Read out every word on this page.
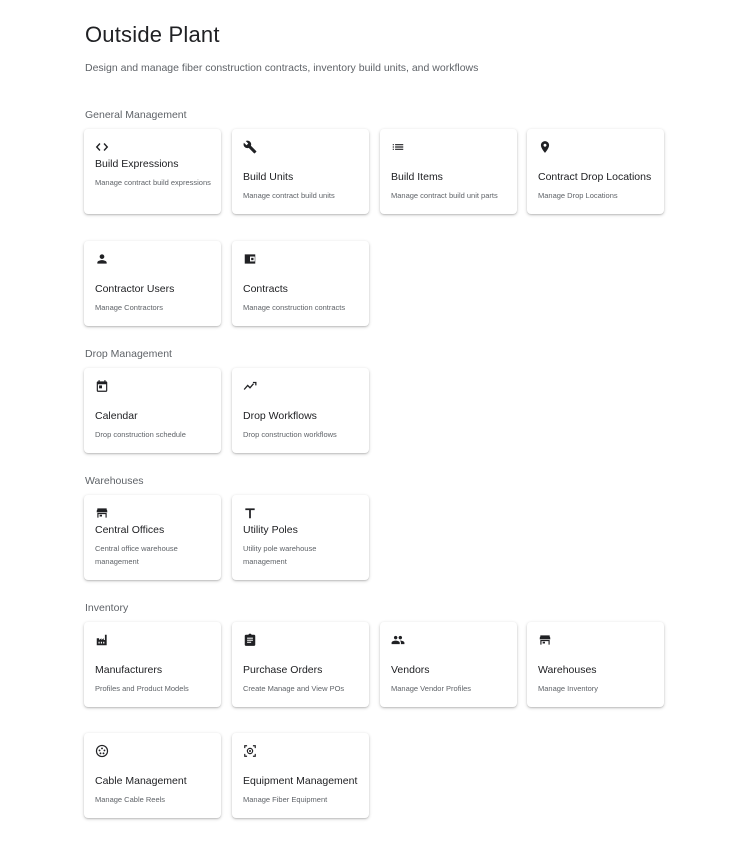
Outside Plant

Design and manage fiber construction contracts, inventory build units, and workflows

General Management
Build Expressions
Manage contract build expressions	Build Units
Manage contract build units
Build Items
Manage contract build unit parts
Contract Drop Locations
Manage Drop Locations
Contractor Users
Manage Contractors
Contracts
Manage construction contracts
Drop Management
Calendar
Drop construction schedule
Drop Workflows
Drop construction workflows
Warehouses
Central Offices
Central office warehouse management
Utility Poles
Utility pole warehouse management
Inventory
Manufacturers
Profiles and Product Models
Purchase Orders
Create Manage and View POs
Vendors
Manage Vendor Profiles
Warehouses
Manage Inventory
Cable Management
Manage Cable Reels
Equipment Management
Manage Fiber Equipment
